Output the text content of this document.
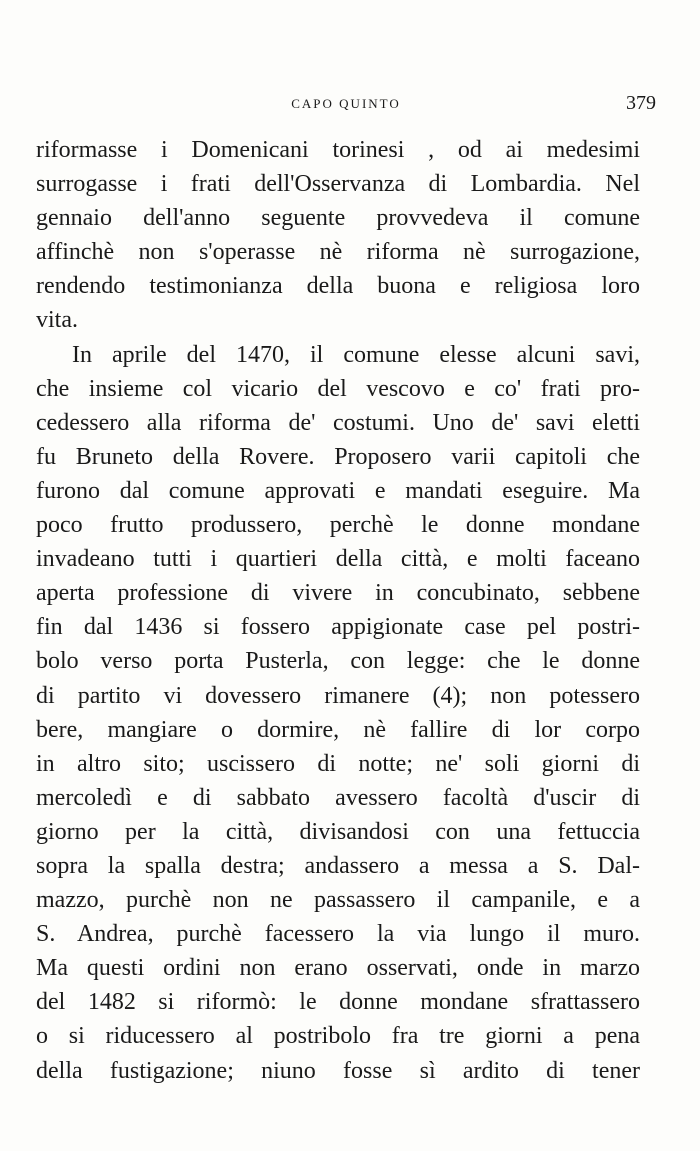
CAPO QUINTO	379
riformasse i Domenicani torinesi , od ai medesimi
surrogasse i frati dell'Osservanza di Lombardia. Nel
gennaio dell'anno seguente provvedeva il comune
affinchè non s'operasse nè riforma nè surrogazione,
rendendo testimonianza della buona e religiosa loro
vita.
In aprile del 1470, il comune elesse alcuni savi,
che insieme col vicario del vescovo e co' frati pro-
cedessero alla riforma de' costumi. Uno de' savi eletti
fu Bruneto della Rovere. Proposero varii capitoli che
furono dal comune approvati e mandati eseguire. Ma
poco frutto produssero, perchè le donne mondane
invadeano tutti i quartieri della città, e molti faceano
aperta professione di vivere in concubinato, sebbene
fin dal 1436 si fossero appigionate case pel postri-
bolo verso porta Pusterla, con legge: che le donne
di partito vi dovessero rimanere (4); non potessero
bere, mangiare o dormire, nè fallire di lor corpo
in altro sito; uscissero di notte; ne' soli giorni di
mercoledì e di sabbato avessero facoltà d'uscir di
giorno per la città, divisandosi con una fettuccia
sopra la spalla destra; andassero a messa a S. Dal-
mazzo, purchè non ne passassero il campanile, e a
S. Andrea, purchè facessero la via lungo il muro.
Ma questi ordini non erano osservati, onde in marzo
del 1482 si riformò: le donne mondane sfrattassero
o si riducessero al postribolo fra tre giorni a pena
della fustigazione; niuno fosse sì ardito di tener
